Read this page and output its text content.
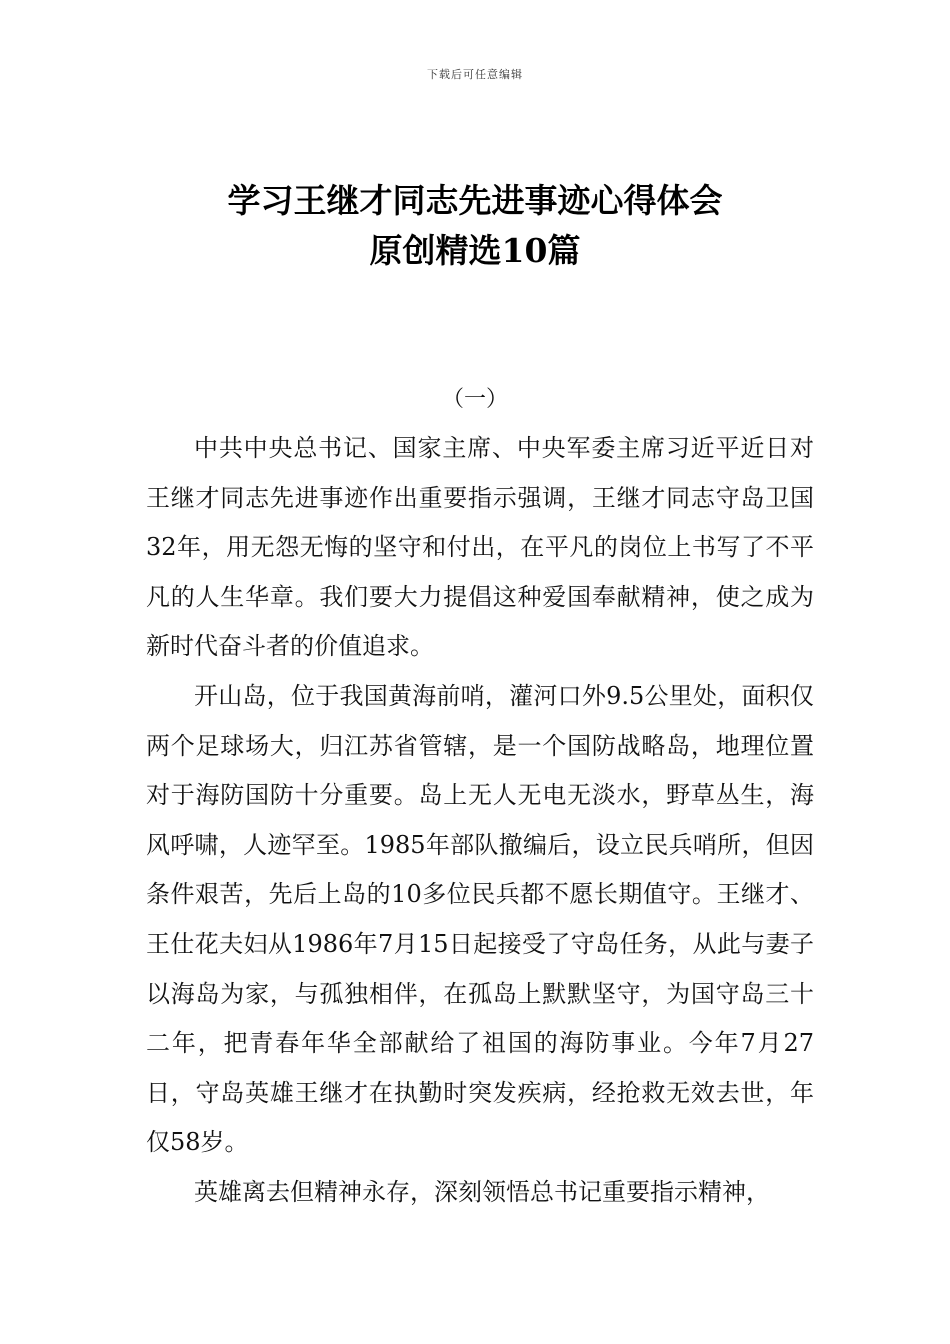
下载后可任意编辑
学习王继才同志先进事迹心得体会
原创精选10篇
（一）

中共中央总书记、国家主席、中央军委主席习近平近日对王继才同志先进事迹作出重要指示强调，王继才同志守岛卫国32年，用无怨无悔的坚守和付出，在平凡的岗位上书写了不平凡的人生华章。我们要大力提倡这种爱国奉献精神，使之成为新时代奋斗者的价值追求。

开山岛，位于我国黄海前哨，灌河口外9.5公里处，面积仅两个足球场大，归江苏省管辖，是一个国防战略岛，地理位置对于海防国防十分重要。岛上无人无电无淡水，野草丛生，海风呼啸，人迹罕至。1985年部队撤编后，设立民兵哨所，但因条件艰苦，先后上岛的10多位民兵都不愿长期值守。王继才、王仕花夫妇从1986年7月15日起接受了守岛任务，从此与妻子以海岛为家，与孤独相伴，在孤岛上默默坚守，为国守岛三十二年，把青春年华全部献给了祖国的海防事业。今年7月27日，守岛英雄王继才在执勤时突发疾病，经抢救无效去世，年仅58岁。

英雄离去但精神永存，深刻领悟总书记重要指示精神，
